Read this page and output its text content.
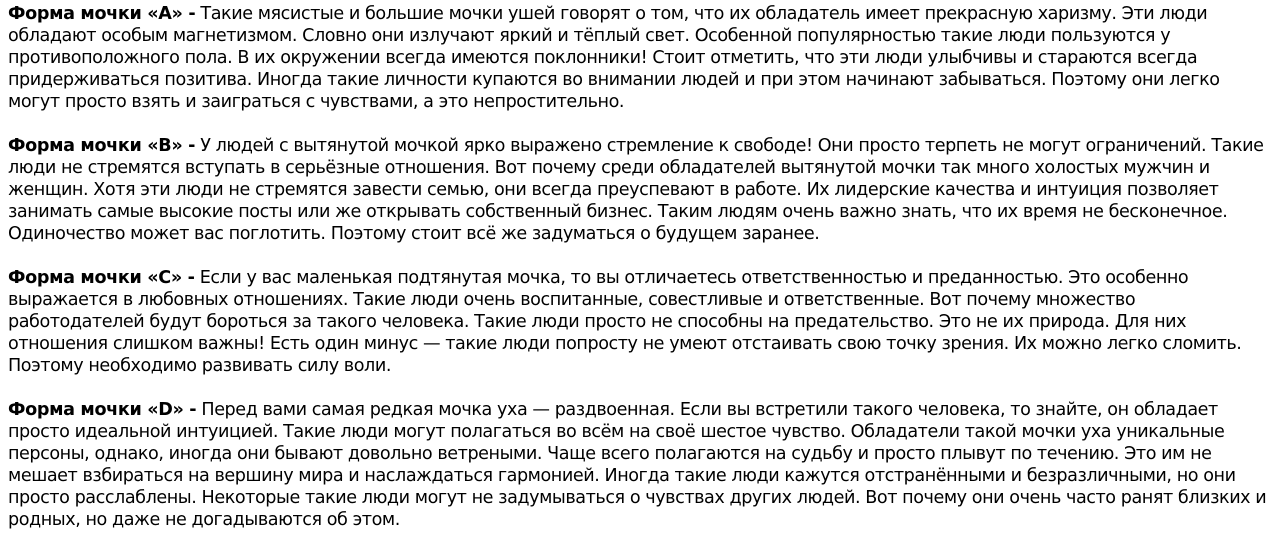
Форма мочки «А» - Такие мясистые и большие мочки ушей говорят о том, что их обладатель имеет прекрасную харизму. Эти люди обладают особым магнетизмом. Словно они излучают яркий и тёплый свет. Особенной популярностью такие люди пользуются у противоположного пола. В их окружении всегда имеются поклонники! Стоит отметить, что эти люди улыбчивы и стараются всегда придерживаться позитива. Иногда такие личности купаются во внимании людей и при этом начинают забываться. Поэтому они легко могут просто взять и заиграться с чувствами, а это непростительно.

Форма мочки «В» - У людей с вытянутой мочкой ярко выражено стремление к свободе! Они просто терпеть не могут ограничений. Такие люди не стремятся вступать в серьёзные отношения. Вот почему среди обладателей вытянутой мочки так много холостых мужчин и женщин. Хотя эти люди не стремятся завести семью, они всегда преуспевают в работе. Их лидерские качества и интуиция позволяет занимать самые высокие посты или же открывать собственный бизнес. Таким людям очень важно знать, что их время не бесконечное. Одиночество может вас поглотить. Поэтому стоит всё же задуматься о будущем заранее.

Форма мочки «С» - Если у вас маленькая подтянутая мочка, то вы отличаетесь ответственностью и преданностью. Это особенно выражается в любовных отношениях. Такие люди очень воспитанные, совестливые и ответственные. Вот почему множество работодателей будут бороться за такого человека. Такие люди просто не способны на предательство. Это не их природа. Для них отношения слишком важны! Есть один минус — такие люди попросту не умеют отстаивать свою точку зрения. Их можно легко сломить. Поэтому необходимо развивать силу воли.

Форма мочки «D» - Перед вами самая редкая мочка уха — раздвоенная. Если вы встретили такого человека, то знайте, он обладает просто идеальной интуицией. Такие люди могут полагаться во всём на своё шестое чувство. Обладатели такой мочки уха уникальные персоны, однако, иногда они бывают довольно ветреными. Чаще всего полагаются на судьбу и просто плывут по течению. Это им не мешает взбираться на вершину мира и наслаждаться гармонией. Иногда такие люди кажутся отстранёнными и безразличными, но они просто расслаблены. Некоторые такие люди могут не задумываться о чувствах других людей. Вот почему они очень часто ранят близких и родных, но даже не догадываются об этом.
